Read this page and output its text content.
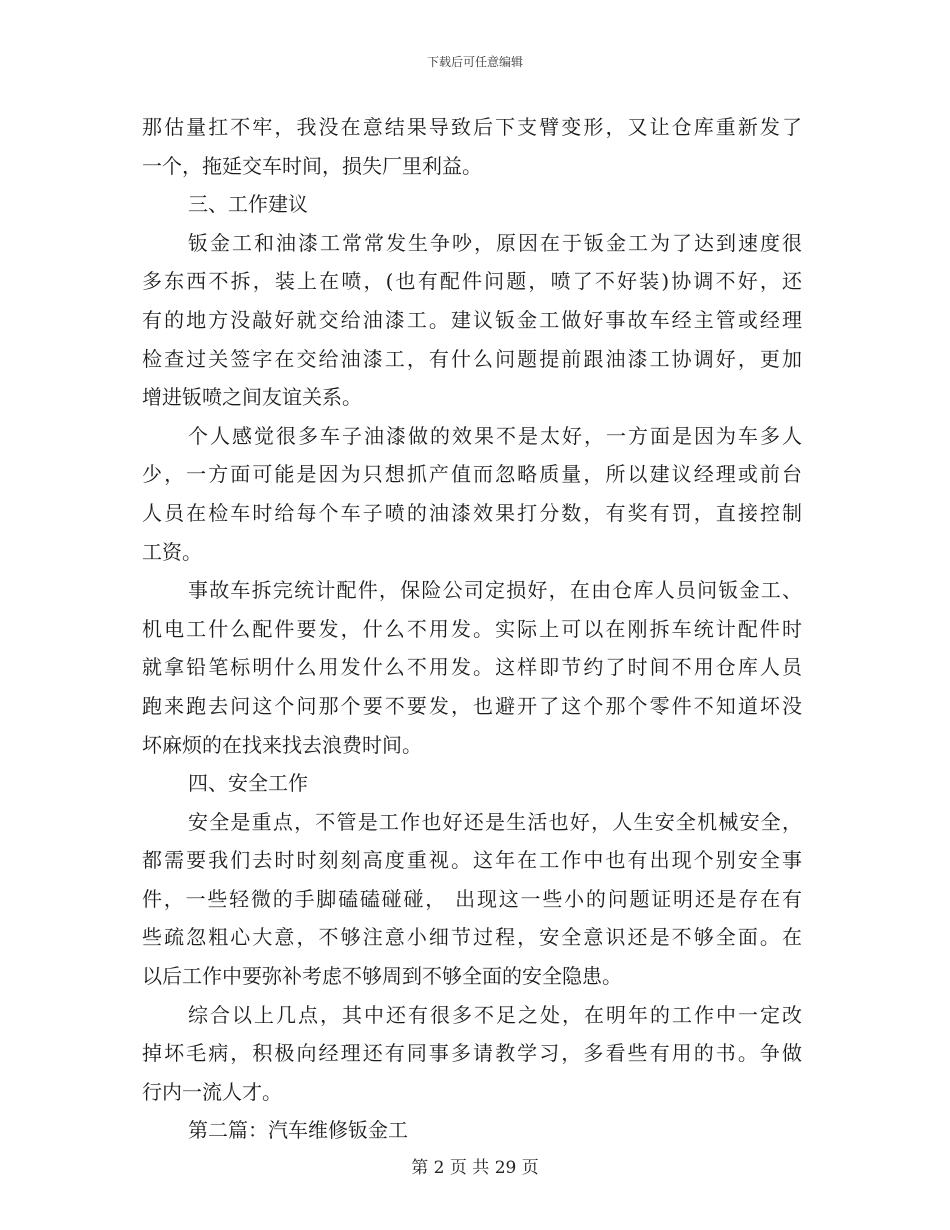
下载后可任意编辑
那估量扛不牢，我没在意结果导致后下支臂变形，又让仓库重新发了
一个，拖延交车时间，损失厂里利益。
三、工作建议
钣金工和油漆工常常发生争吵，原因在于钣金工为了达到速度很
多东西不拆，装上在喷，(也有配件问题，喷了不好装)协调不好，还
有的地方没敲好就交给油漆工。建议钣金工做好事故车经主管或经理
检查过关签字在交给油漆工，有什么问题提前跟油漆工协调好，更加
增进钣喷之间友谊关系。
个人感觉很多车子油漆做的效果不是太好，一方面是因为车多人
少，一方面可能是因为只想抓产值而忽略质量，所以建议经理或前台
人员在检车时给每个车子喷的油漆效果打分数，有奖有罚，直接控制
工资。
事故车拆完统计配件，保险公司定损好，在由仓库人员问钣金工、
机电工什么配件要发，什么不用发。实际上可以在刚拆车统计配件时
就拿铅笔标明什么用发什么不用发。这样即节约了时间不用仓库人员
跑来跑去问这个问那个要不要发，也避开了这个那个零件不知道坏没
坏麻烦的在找来找去浪费时间。
四、安全工作
安全是重点，不管是工作也好还是生活也好，人生安全机械安全，
都需要我们去时时刻刻高度重视。这年在工作中也有出现个别安全事
件，一些轻微的手脚磕磕碰碰， 出现这一些小的问题证明还是存在有
些疏忽粗心大意，不够注意小细节过程，安全意识还是不够全面。在
以后工作中要弥补考虑不够周到不够全面的安全隐患。
综合以上几点，其中还有很多不足之处，在明年的工作中一定改
掉坏毛病，积极向经理还有同事多请教学习，多看些有用的书。争做
行内一流人才。
第二篇：汽车维修钣金工
第 2 页 共 29 页
